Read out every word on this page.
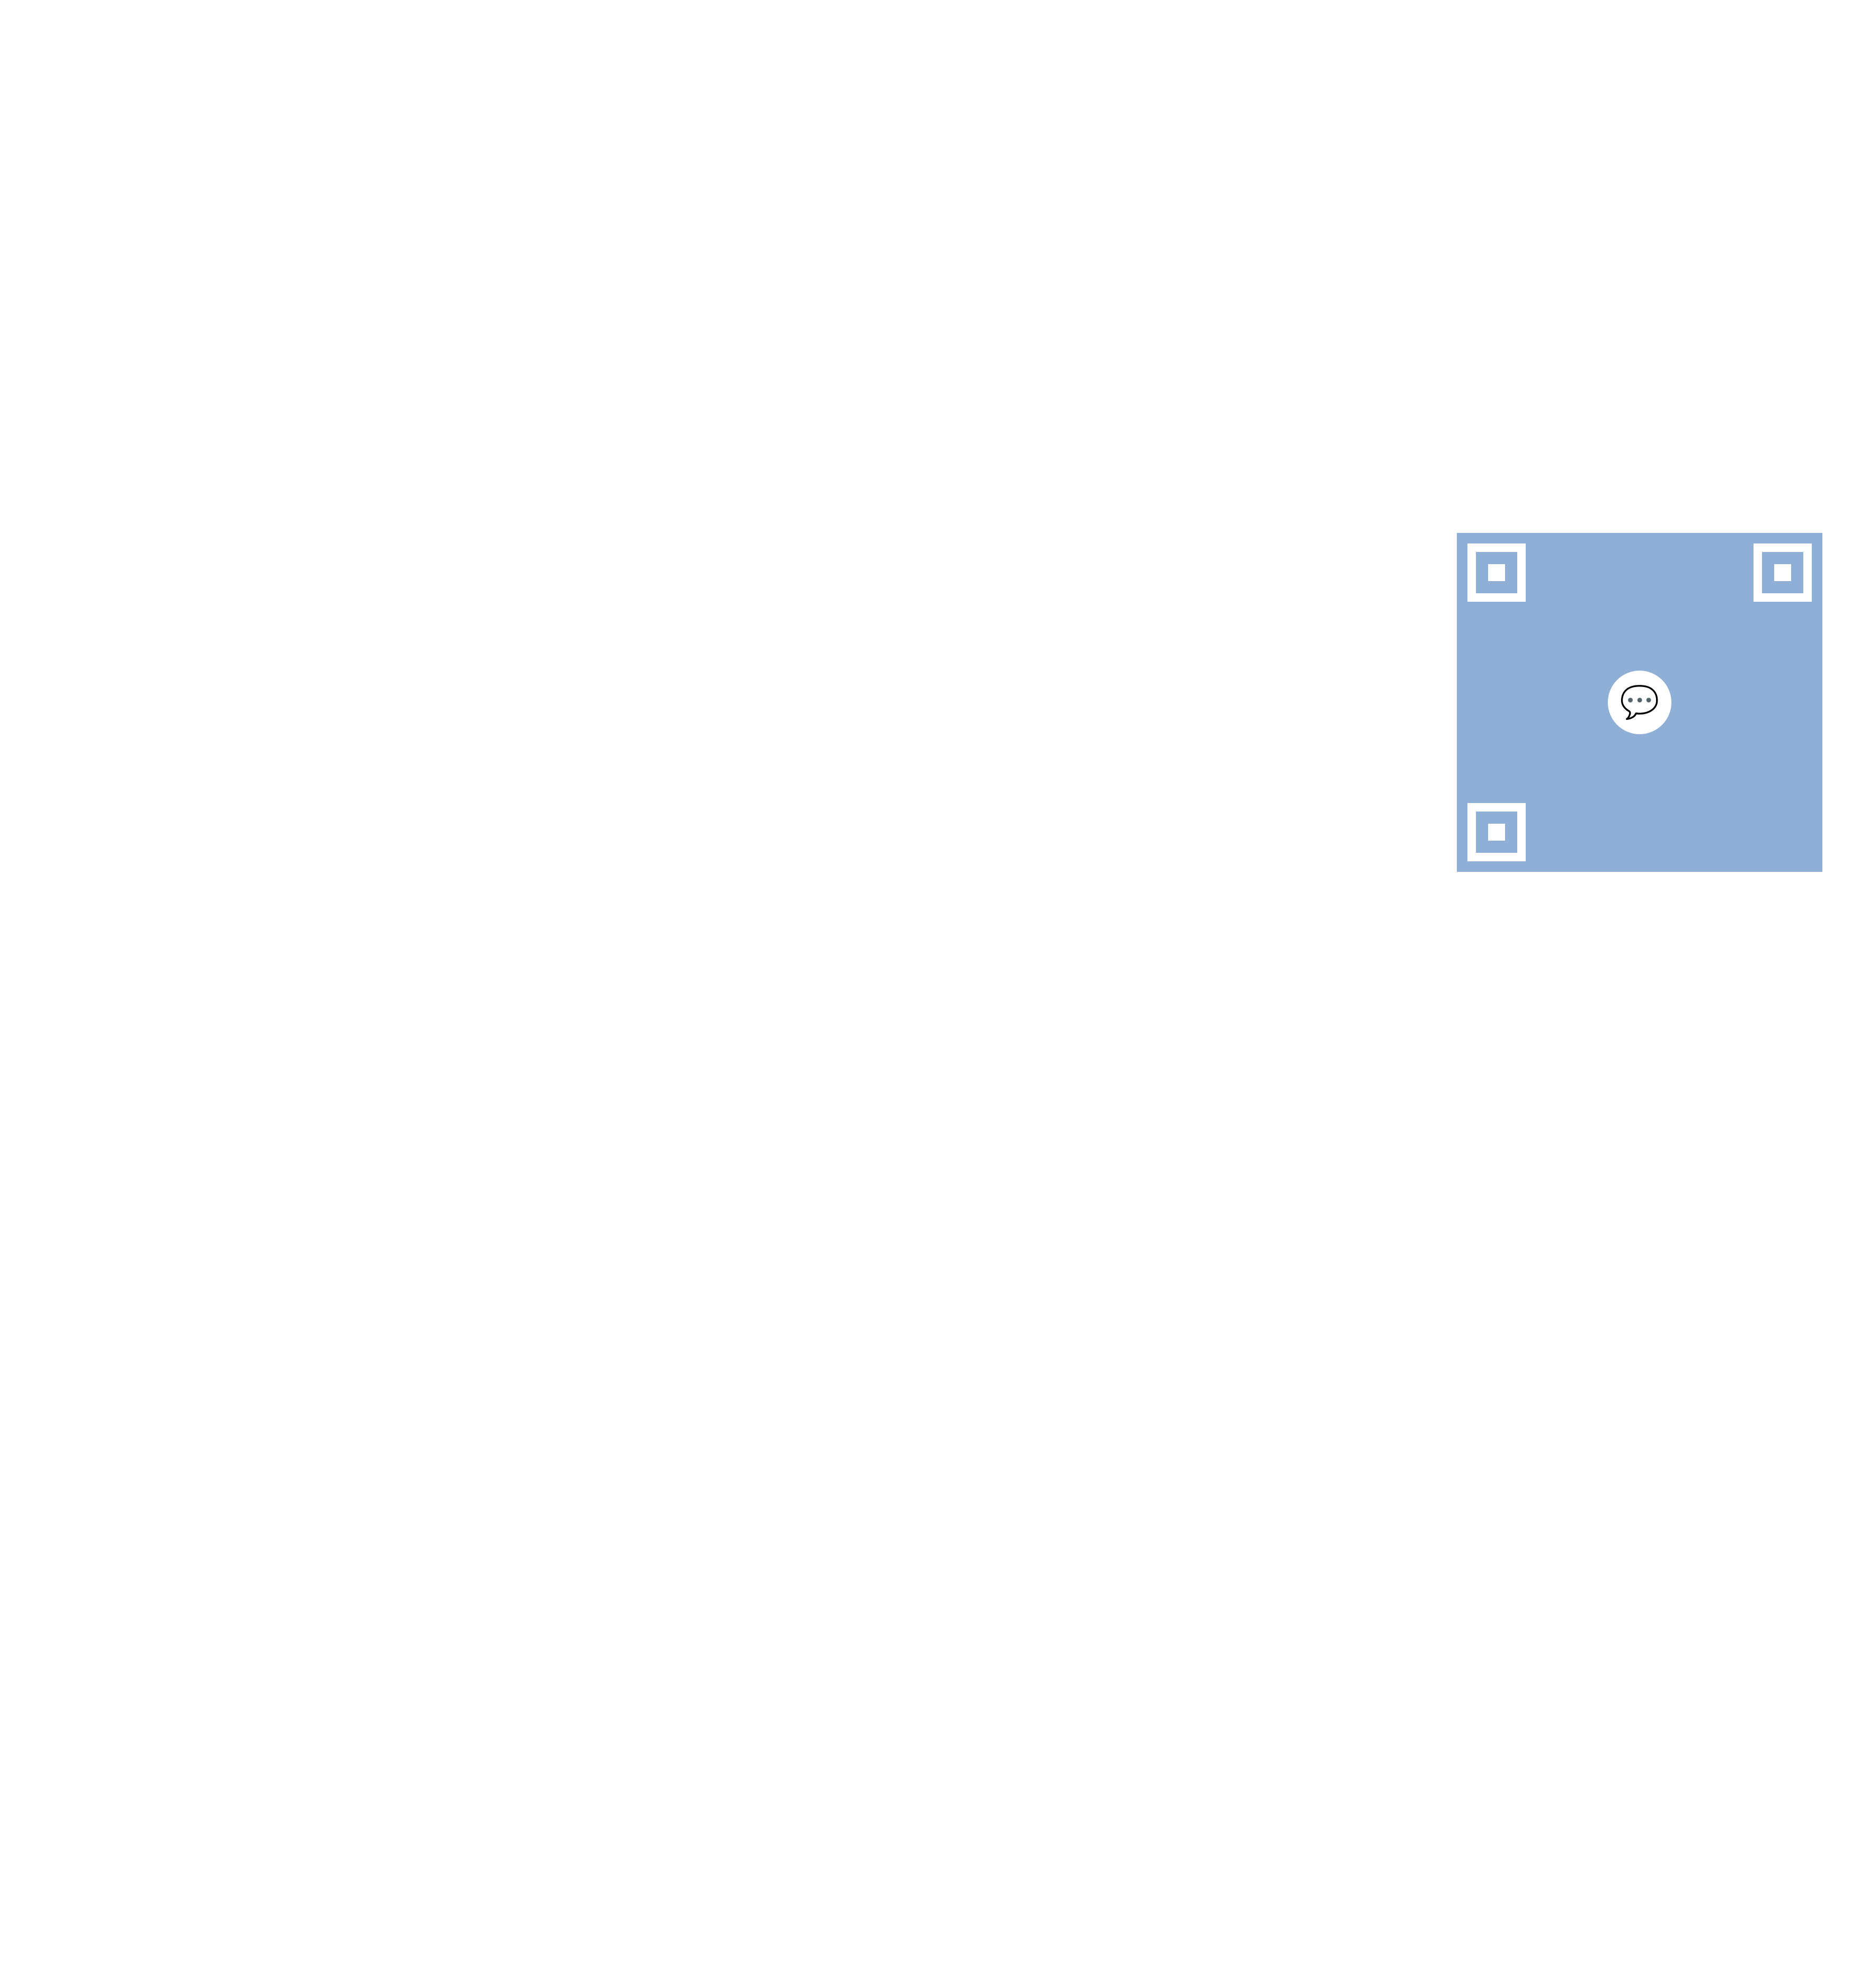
💬
